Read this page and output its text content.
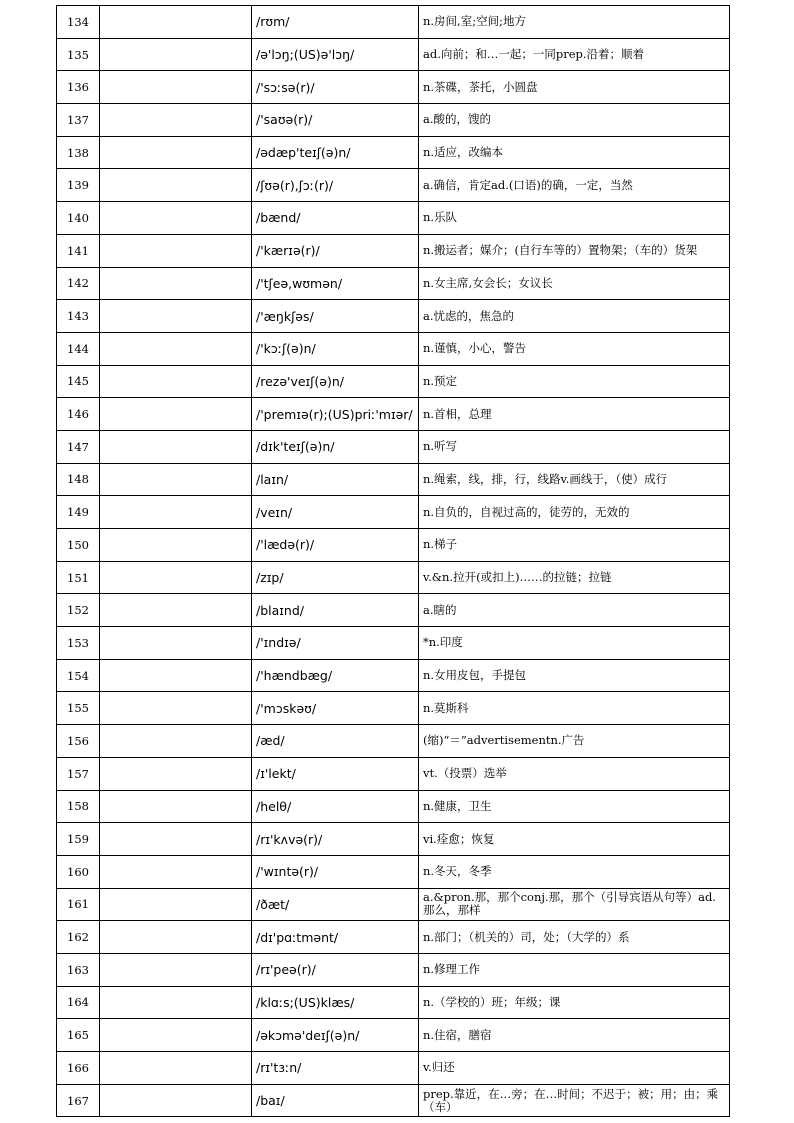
134		/rʊm/	n.房间,室;空间;地方
135		/ə'lɔŋ;(US)ə'lɔŋ/	ad.向前；和…一起；一同prep.沿着；顺着
136		/'sɔːsə(r)/	n.茶碟，茶托，小圆盘
137		/'saʊə(r)/	a.酸的，馊的
138		/ədæp'teɪʃ(ə)n/	n.适应，改编本
139		/ʃʊə(r),ʃɔː(r)/	a.确信，肯定ad.(口语)的确，一定，当然
140		/bænd/	n.乐队
141		/'kærɪə(r)/	n.搬运者；媒介；(自行车等的）置物架；（车的）货架
142		/'tʃeə,wʊmən/	n.女主席,女会长；女议长
143		/'æŋkʃəs/	a.忧虑的，焦急的
144		/'kɔːʃ(ə)n/	n.谨慎，小心，警告
145		/rezə'veɪʃ(ə)n/	n.预定
146		/'premɪə(r);(US)priː'mɪər/	n.首相，总理
147		/dɪk'teɪʃ(ə)n/	n.听写
148		/laɪn/	n.绳索，线，排，行，线路v.画线于，（使）成行
149		/veɪn/	n.自负的，自视过高的，徒劳的，无效的
150		/'lædə(r)/	n.梯子
151		/zɪp/	v.&n.拉开(或扣上)……的拉链；拉链
152		/blaɪnd/	a.瞎的
153		/'ɪndɪə/	*n.印度
154		/'hændbæg/	n.女用皮包，手提包
155		/'mɔskəʊ/	n.莫斯科
156		/æd/	(缩)“＝”advertisementn.广告
157		/ɪ'lekt/	vt.（投票）选举
158		/helθ/	n.健康，卫生
159		/rɪ'kʌvə(r)/	vi.痊愈；恢复
160		/'wɪntə(r)/	n.冬天，冬季
161		/ðæt/	a.&pron.那，那个conj.那，那个（引导宾语从句等）ad.那么，那样
162		/dɪ'pɑːtmənt/	n.部门；（机关的）司，处；（大学的）系
163		/rɪ'peə(r)/	n.修理工作
164		/klɑːs;(US)klæs/	n.（学校的）班；年级；课
165		/əkɔmə'deɪʃ(ə)n/	n.住宿，膳宿
166		/rɪ'tɜːn/	v.归还
167		/baɪ/	prep.靠近，在…旁；在…时间；不迟于；被；用；由；乘（车）
